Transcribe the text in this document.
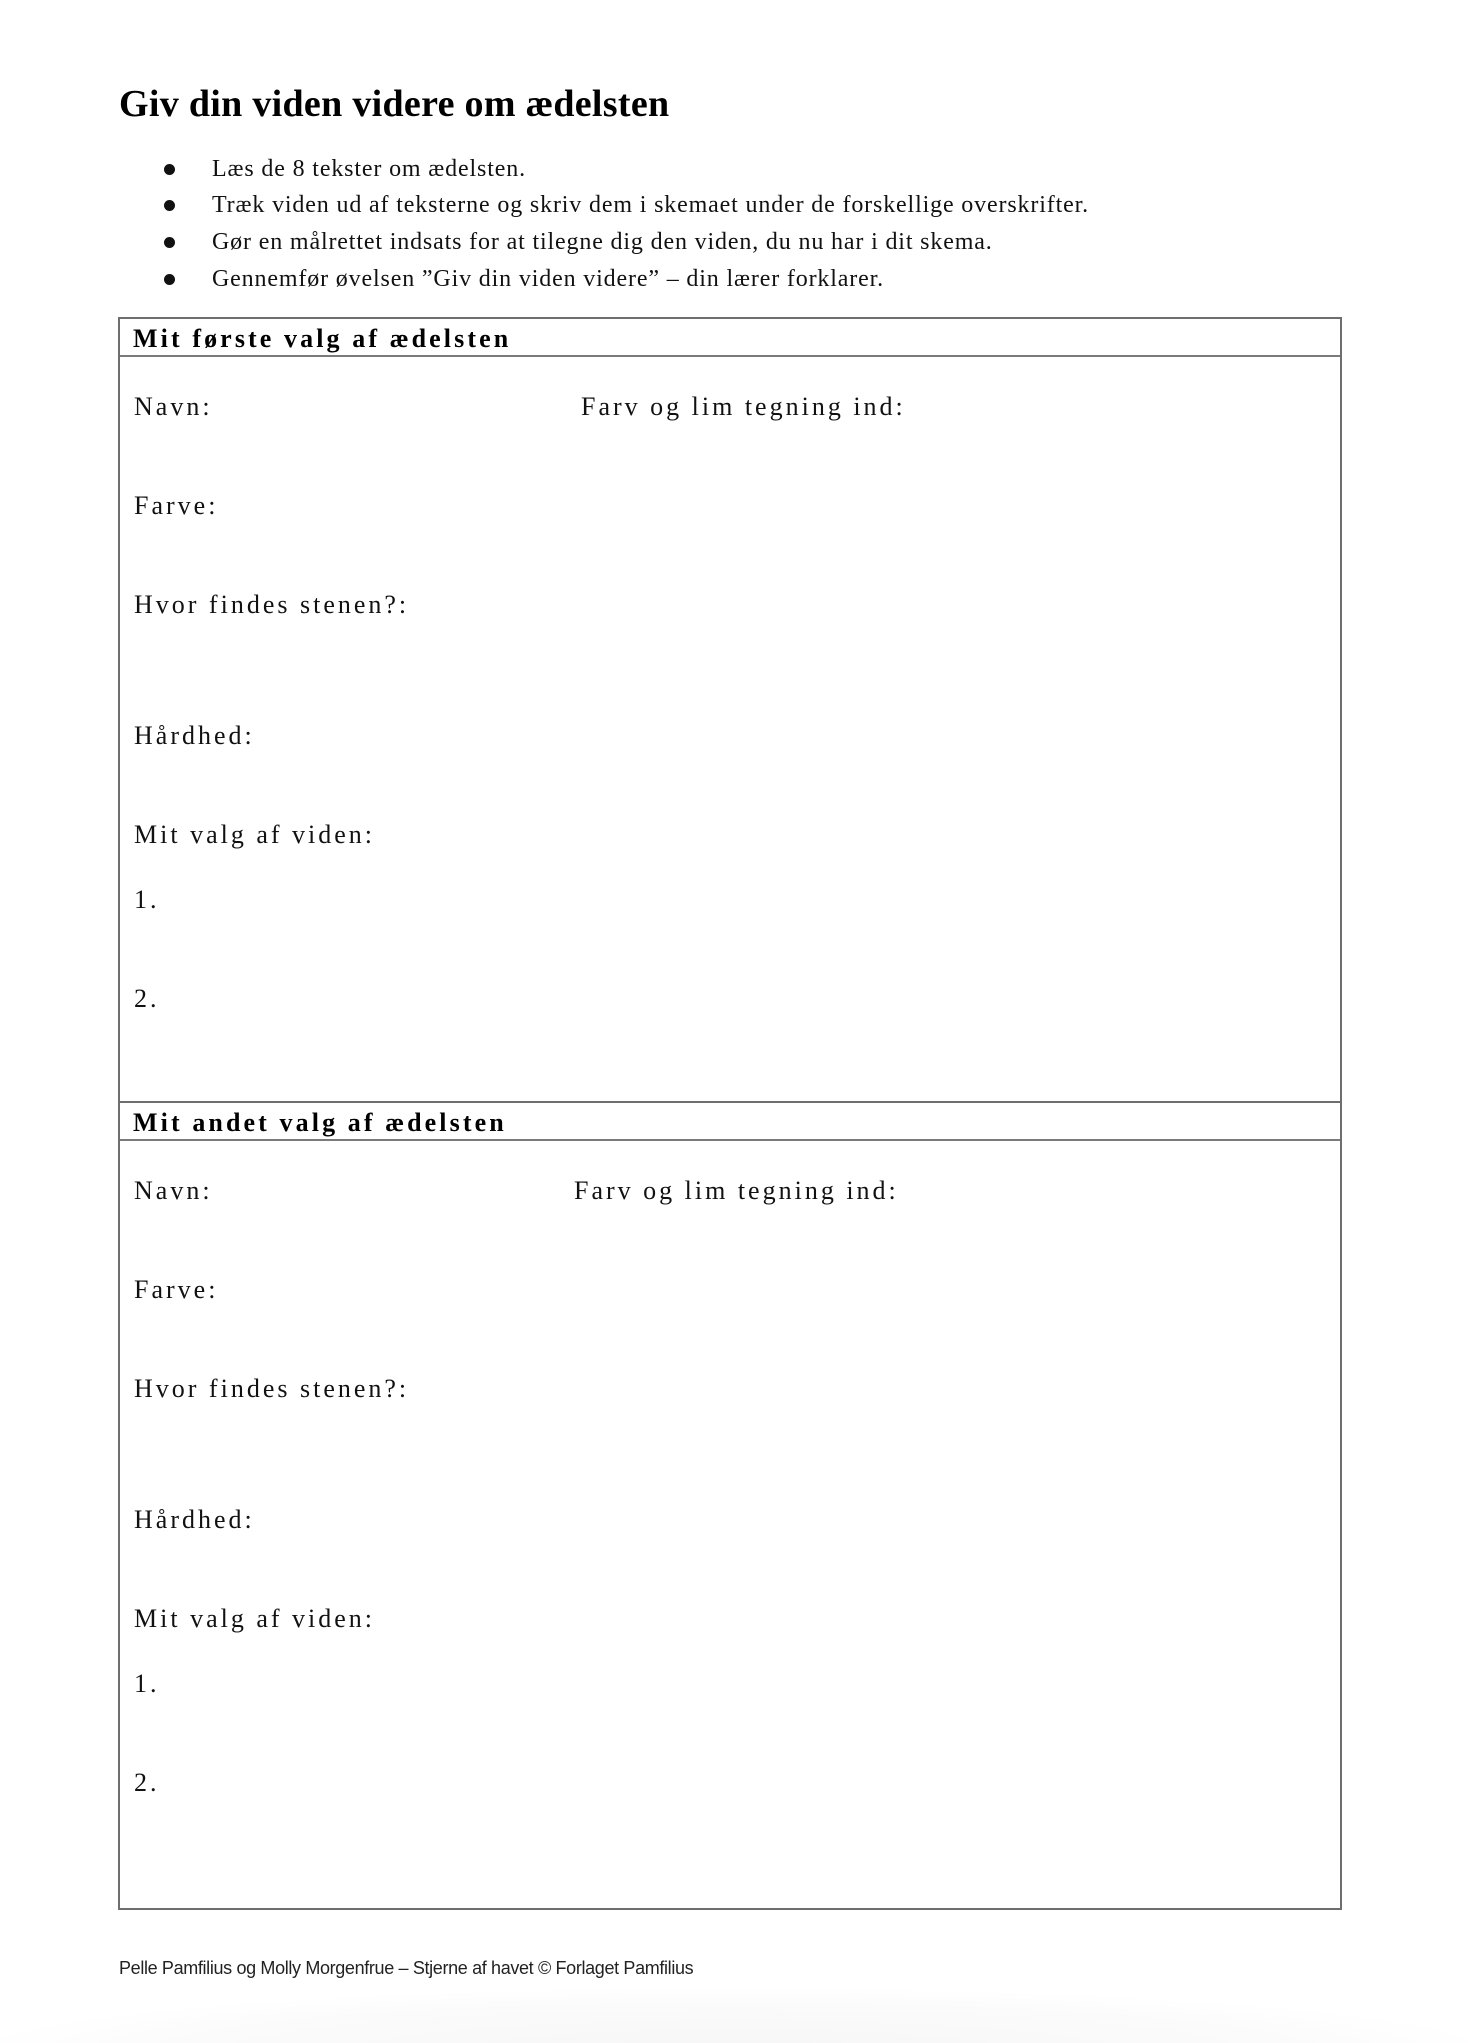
Giv din viden videre om ædelsten
Læs de 8 tekster om ædelsten.
Træk viden ud af teksterne og skriv dem i skemaet under de forskellige overskrifter.
Gør en målrettet indsats for at tilegne dig den viden, du nu har i dit skema.
Gennemfør øvelsen ”Giv din viden videre” – din lærer forklarer.
Mit første valg af ædelsten
Navn:	Farv og lim tegning ind:
Farve:
Hvor findes stenen?:
Hårdhed:
Mit valg af viden:
1.
2.
Mit andet valg af ædelsten
Navn:	Farv og lim tegning ind:
Farve:
Hvor findes stenen?:
Hårdhed:
Mit valg af viden:
1.
2.
Pelle Pamfilius og Molly Morgenfrue – Stjerne af havet © Forlaget Pamfilius
